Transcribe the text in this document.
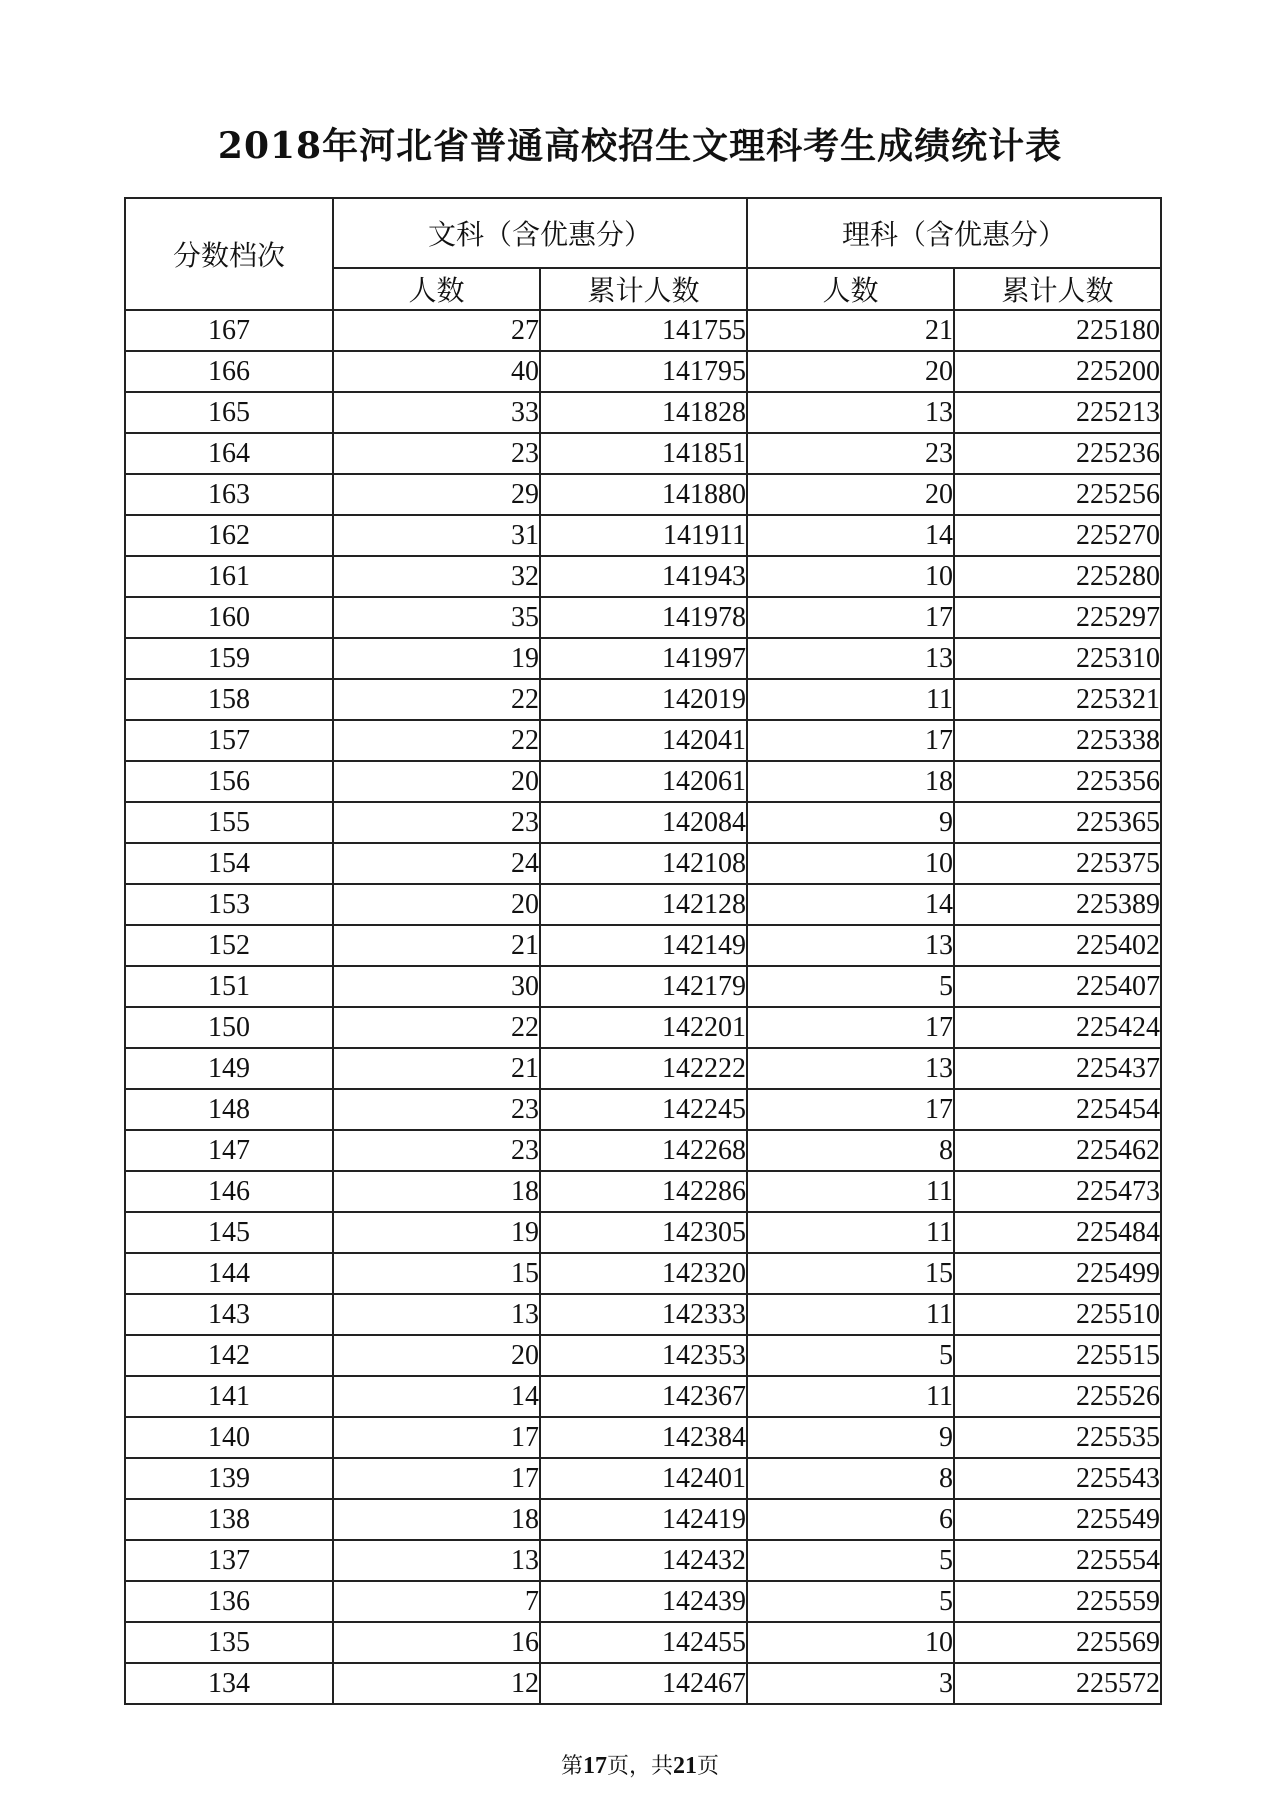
2018年河北省普通高校招生文理科考生成绩统计表
分数档次	文科（含优惠分）		理科（含优惠分）	
	人数	累计人数	人数	累计人数
167	27	141755	21	225180
166	40	141795	20	225200
165	33	141828	13	225213
164	23	141851	23	225236
163	29	141880	20	225256
162	31	141911	14	225270
161	32	141943	10	225280
160	35	141978	17	225297
159	19	141997	13	225310
158	22	142019	11	225321
157	22	142041	17	225338
156	20	142061	18	225356
155	23	142084	9	225365
154	24	142108	10	225375
153	20	142128	14	225389
152	21	142149	13	225402
151	30	142179	5	225407
150	22	142201	17	225424
149	21	142222	13	225437
148	23	142245	17	225454
147	23	142268	8	225462
146	18	142286	11	225473
145	19	142305	11	225484
144	15	142320	15	225499
143	13	142333	11	225510
142	20	142353	5	225515
141	14	142367	11	225526
140	17	142384	9	225535
139	17	142401	8	225543
138	18	142419	6	225549
137	13	142432	5	225554
136	7	142439	5	225559
135	16	142455	10	225569
134	12	142467	3	225572
第17页，共21页
